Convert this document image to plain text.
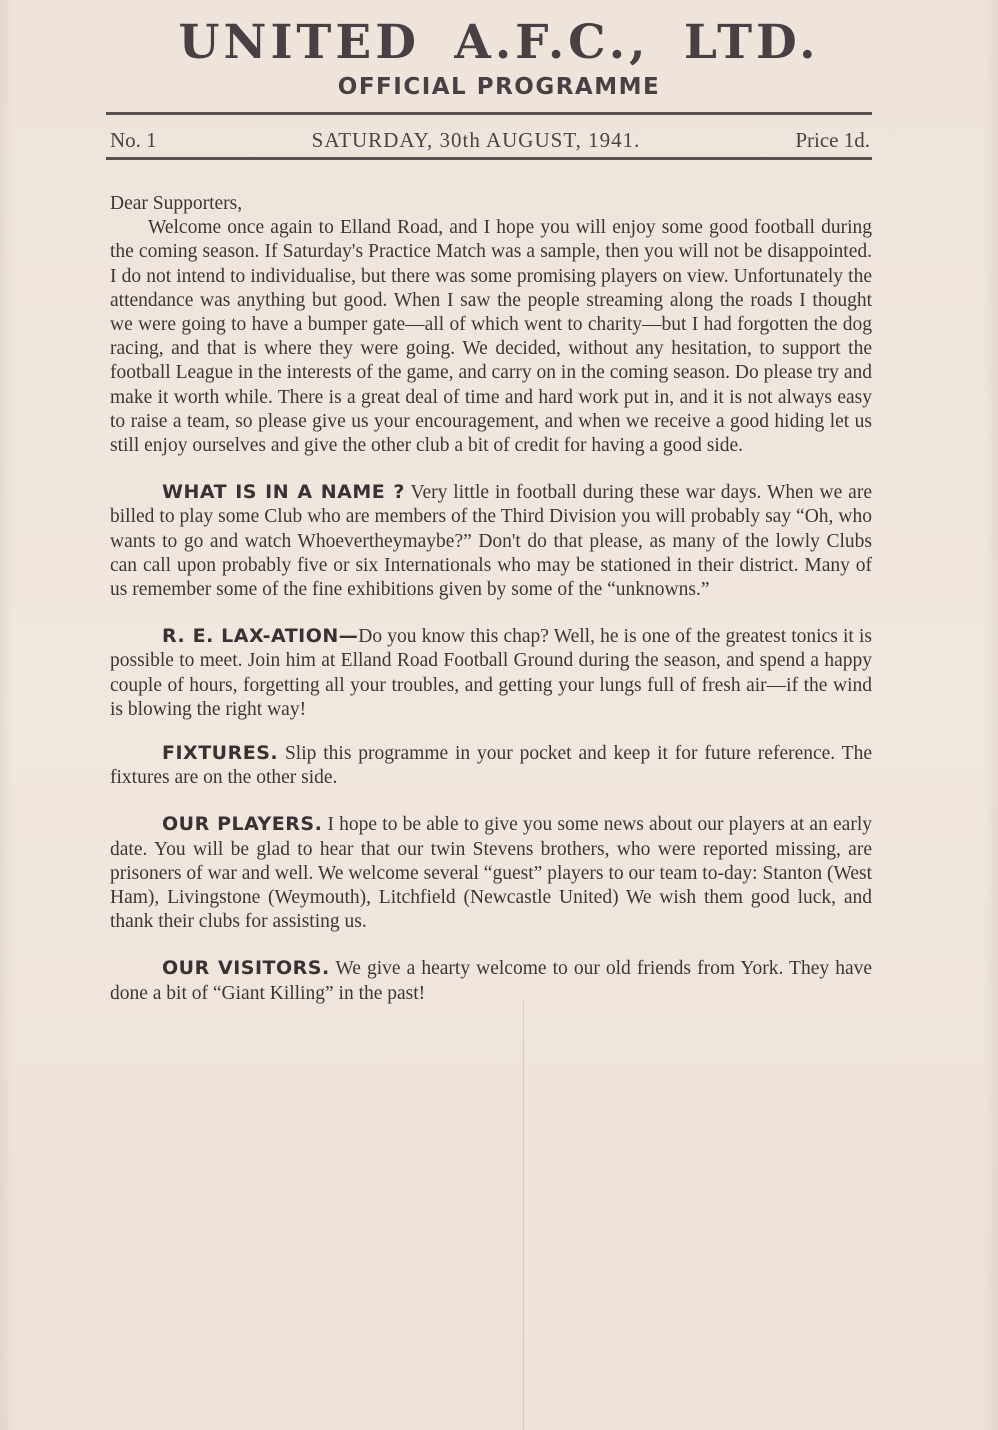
UNITED A.F.C., LTD.
OFFICIAL PROGRAMME
No. 1	SATURDAY, 30th AUGUST, 1941.	Price 1d.

Dear Supporters,

Welcome once again to Elland Road, and I hope you will enjoy some good football during the coming season. If Saturday's Practice Match was a sample, then you will not be disappointed. I do not intend to individualise, but there was some promising players on view. Unfortunately the attendance was anything but good. When I saw the people streaming along the roads I thought we were going to have a bumper gate—all of which went to charity—but I had forgotten the dog racing, and that is where they were going. We decided, without any hesitation, to support the football League in the interests of the game, and carry on in the coming season. Do please try and make it worth while. There is a great deal of time and hard work put in, and it is not always easy to raise a team, so please give us your encouragement, and when we receive a good hiding let us still enjoy ourselves and give the other club a bit of credit for having a good side.

WHAT IS IN A NAME ? Very little in football during these war days. When we are billed to play some Club who are members of the Third Division you will probably say “Oh, who wants to go and watch Whoevertheymaybe?” Don't do that please, as many of the lowly Clubs can call upon probably five or six Internationals who may be stationed in their district. Many of us remember some of the fine exhibitions given by some of the “unknowns.”

R. E. LAX-ATION—Do you know this chap? Well, he is one of the greatest tonics it is possible to meet. Join him at Elland Road Football Ground during the season, and spend a happy couple of hours, forgetting all your troubles, and getting your lungs full of fresh air—if the wind is blowing the right way!

FIXTURES. Slip this programme in your pocket and keep it for future reference. The fixtures are on the other side.

OUR PLAYERS. I hope to be able to give you some news about our players at an early date. You will be glad to hear that our twin Stevens brothers, who were reported missing, are prisoners of war and well. We welcome several “guest” players to our team to-day: Stanton (West Ham), Livingstone (Weymouth), Litchfield (Newcastle United) We wish them good luck, and thank their clubs for assisting us.

OUR VISITORS. We give a hearty welcome to our old friends from York. They have done a bit of “Giant Killing” in the past!
